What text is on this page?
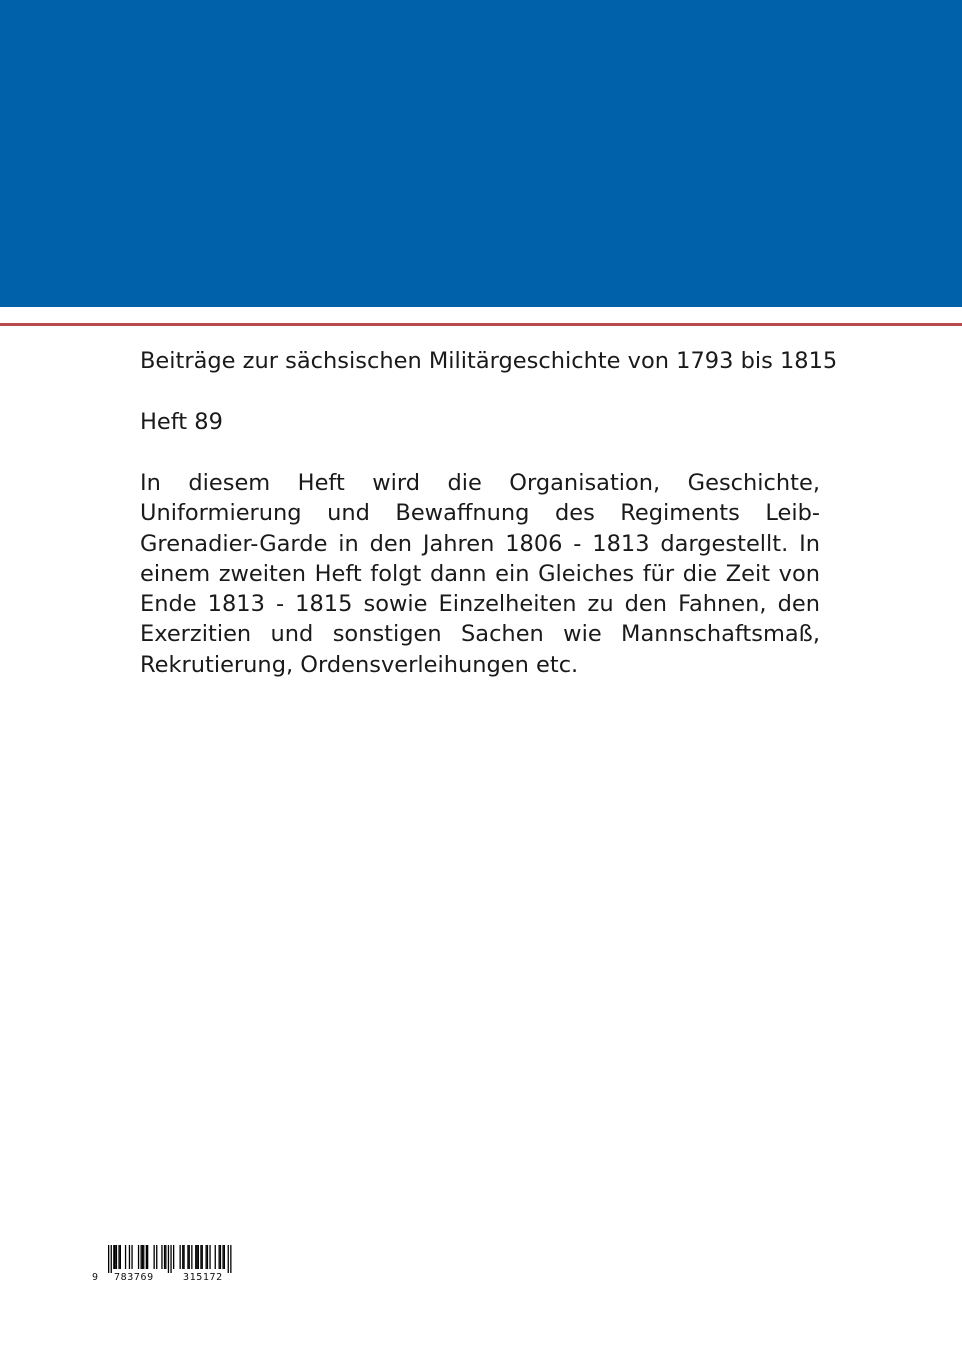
Beiträge zur sächsischen Militärgeschichte von 1793 bis 1815

Heft 89

In diesem Heft wird die Organisation, Geschichte, Uniformierung und Bewaffnung des Regiments Leib-Grenadier-Garde in den Jahren 1806 - 1813 dargestellt. In einem zweiten Heft folgt dann ein Gleiches für die Zeit von Ende 1813 - 1815 sowie Einzelheiten zu den Fahnen, den Exerzitien und sonstigen Sachen wie Mannschaftsmaß, Rekrutierung, Ordensverleihungen etc.

9 783769	315172
